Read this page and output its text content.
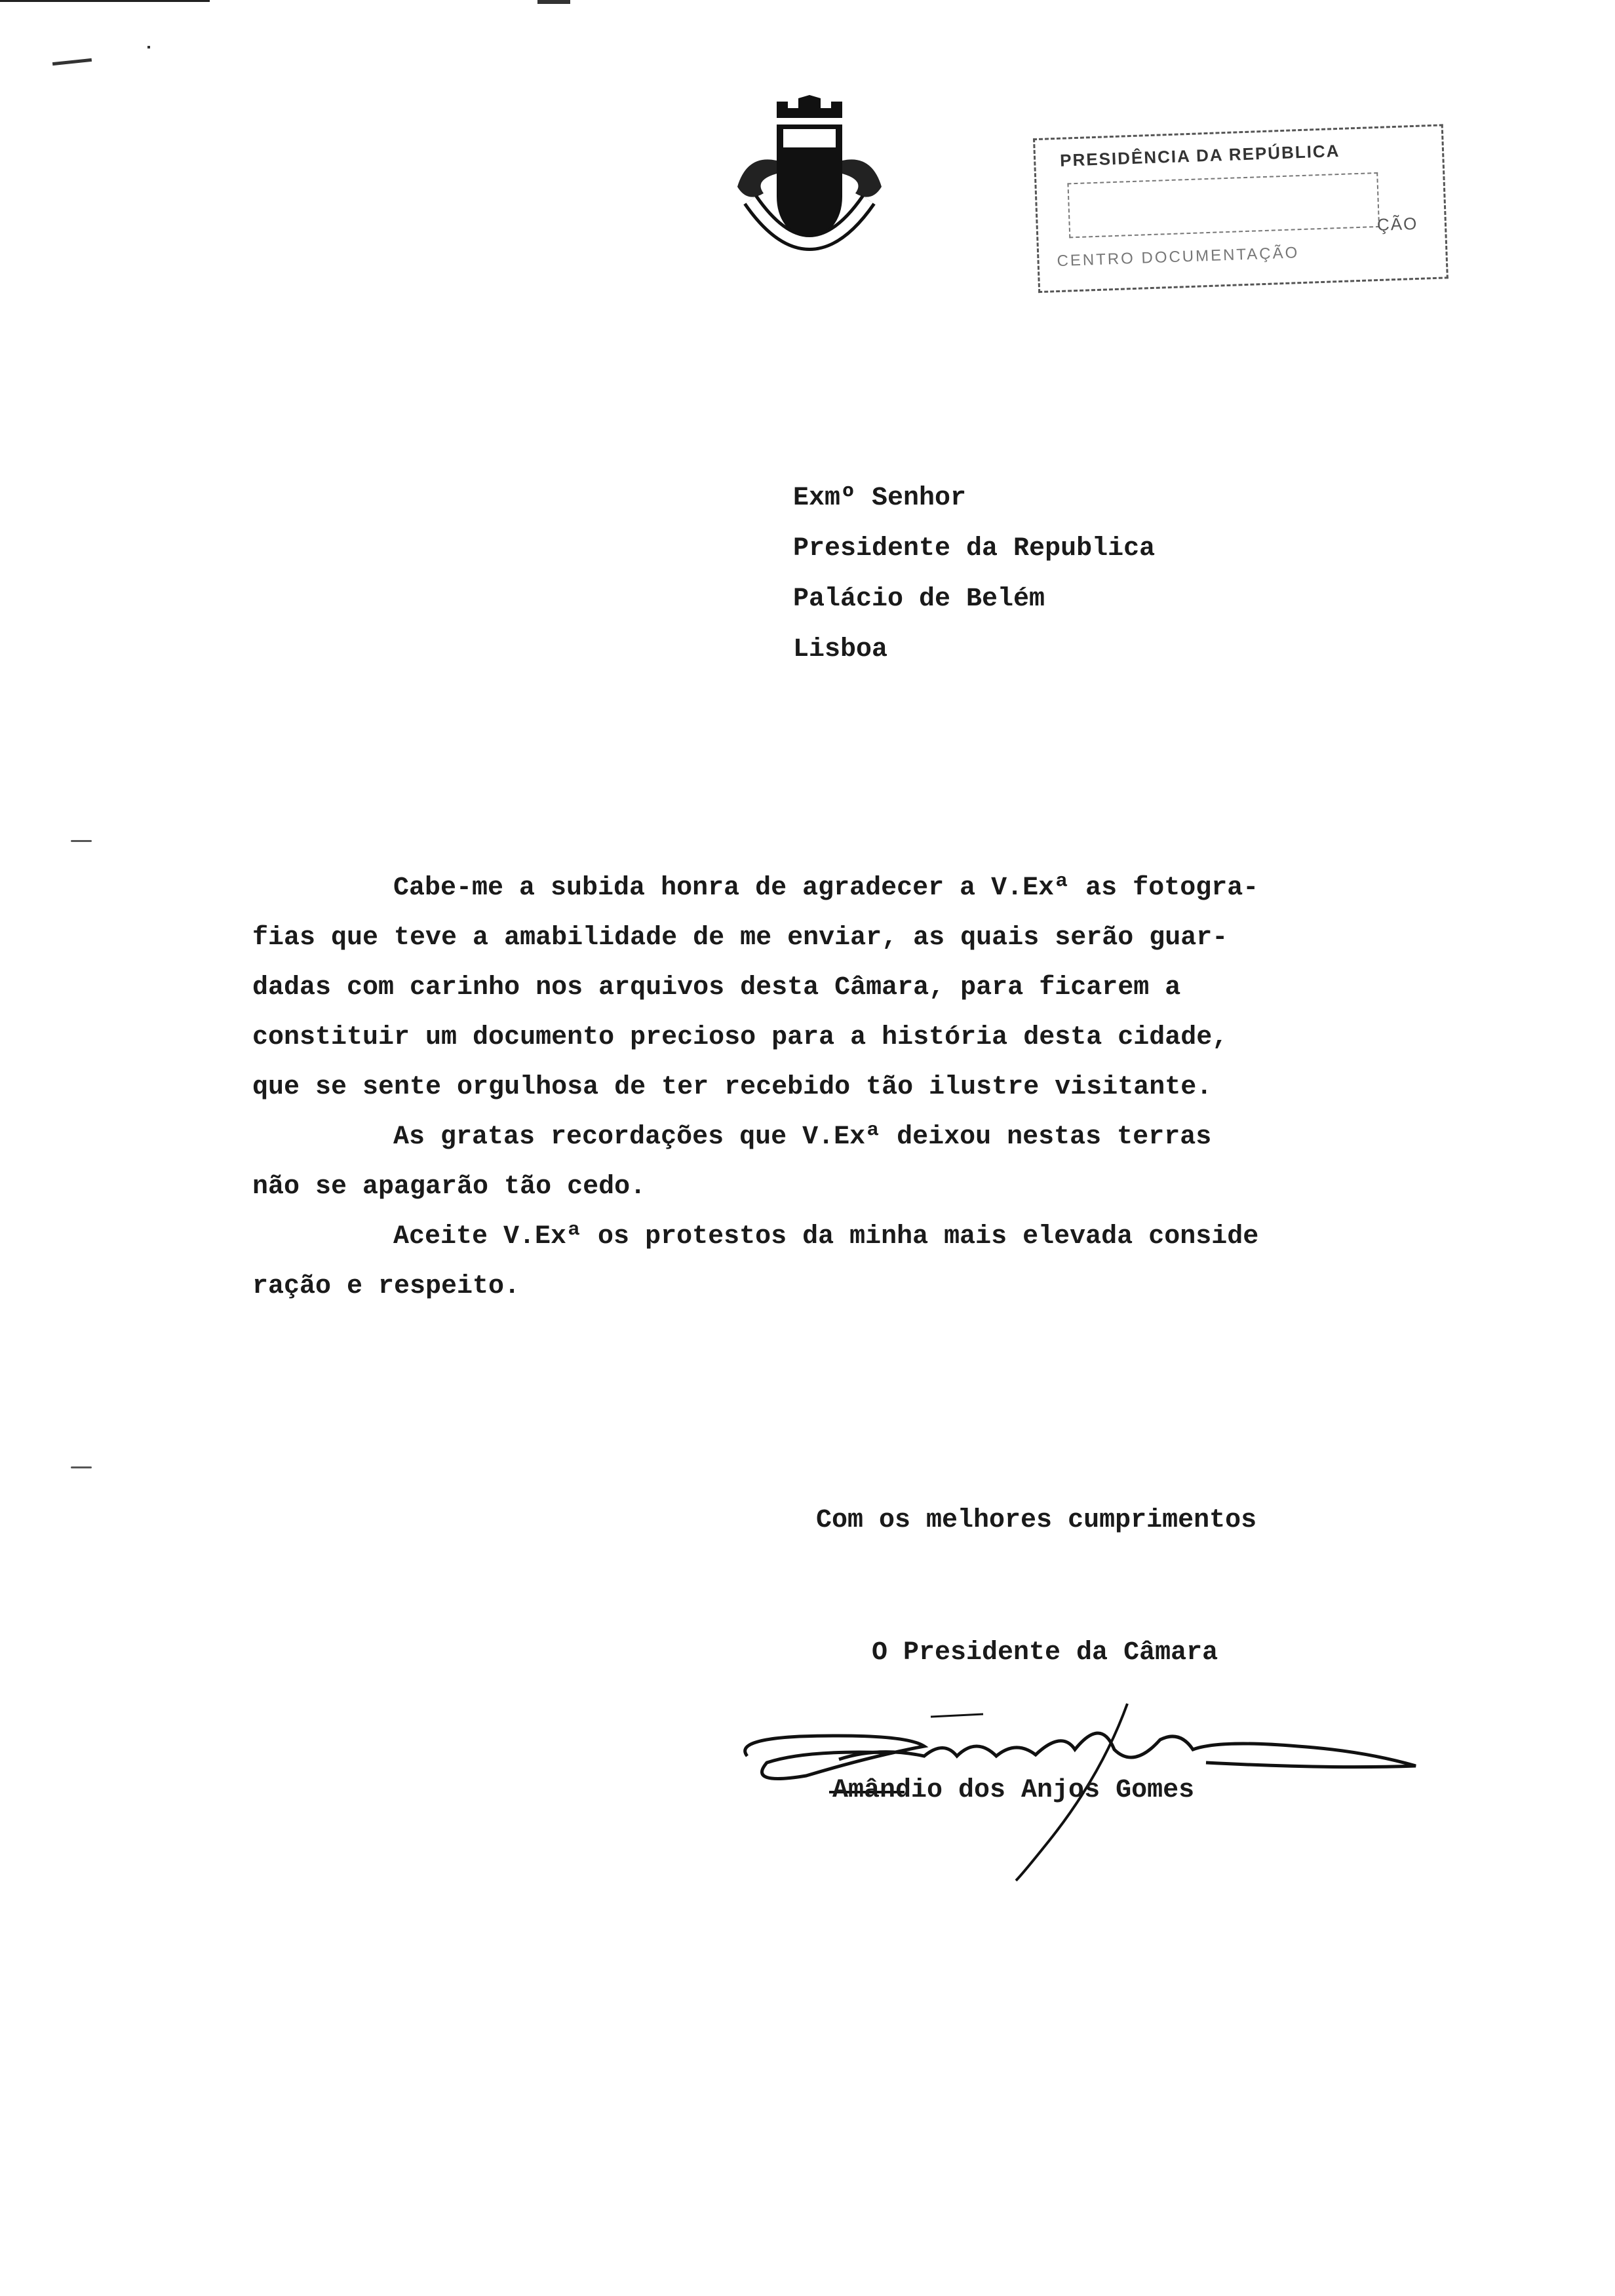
PRESIDÊNCIA DA REPÚBLICA
ÇÃO
CENTRO DOCUMENTAÇÃO
Exmº Senhor
Presidente da Republica
Palácio de Belém
Lisboa
Cabe-me a subida honra de agradecer a V.Exª as fotogra-
fias que teve a amabilidade de me enviar, as quais serão guar-
dadas com carinho nos arquivos desta Câmara, para ficarem a
constituir um documento precioso para a história desta cidade,
que se sente orgulhosa de ter recebido tão ilustre visitante.
As gratas recordações que V.Exª deixou nestas terras
não se apagarão tão cedo.
Aceite V.Exª os protestos da minha mais elevada conside
ração e respeito.
Com os melhores cumprimentos
O Presidente da Câmara
Amândio dos Anjos Gomes
